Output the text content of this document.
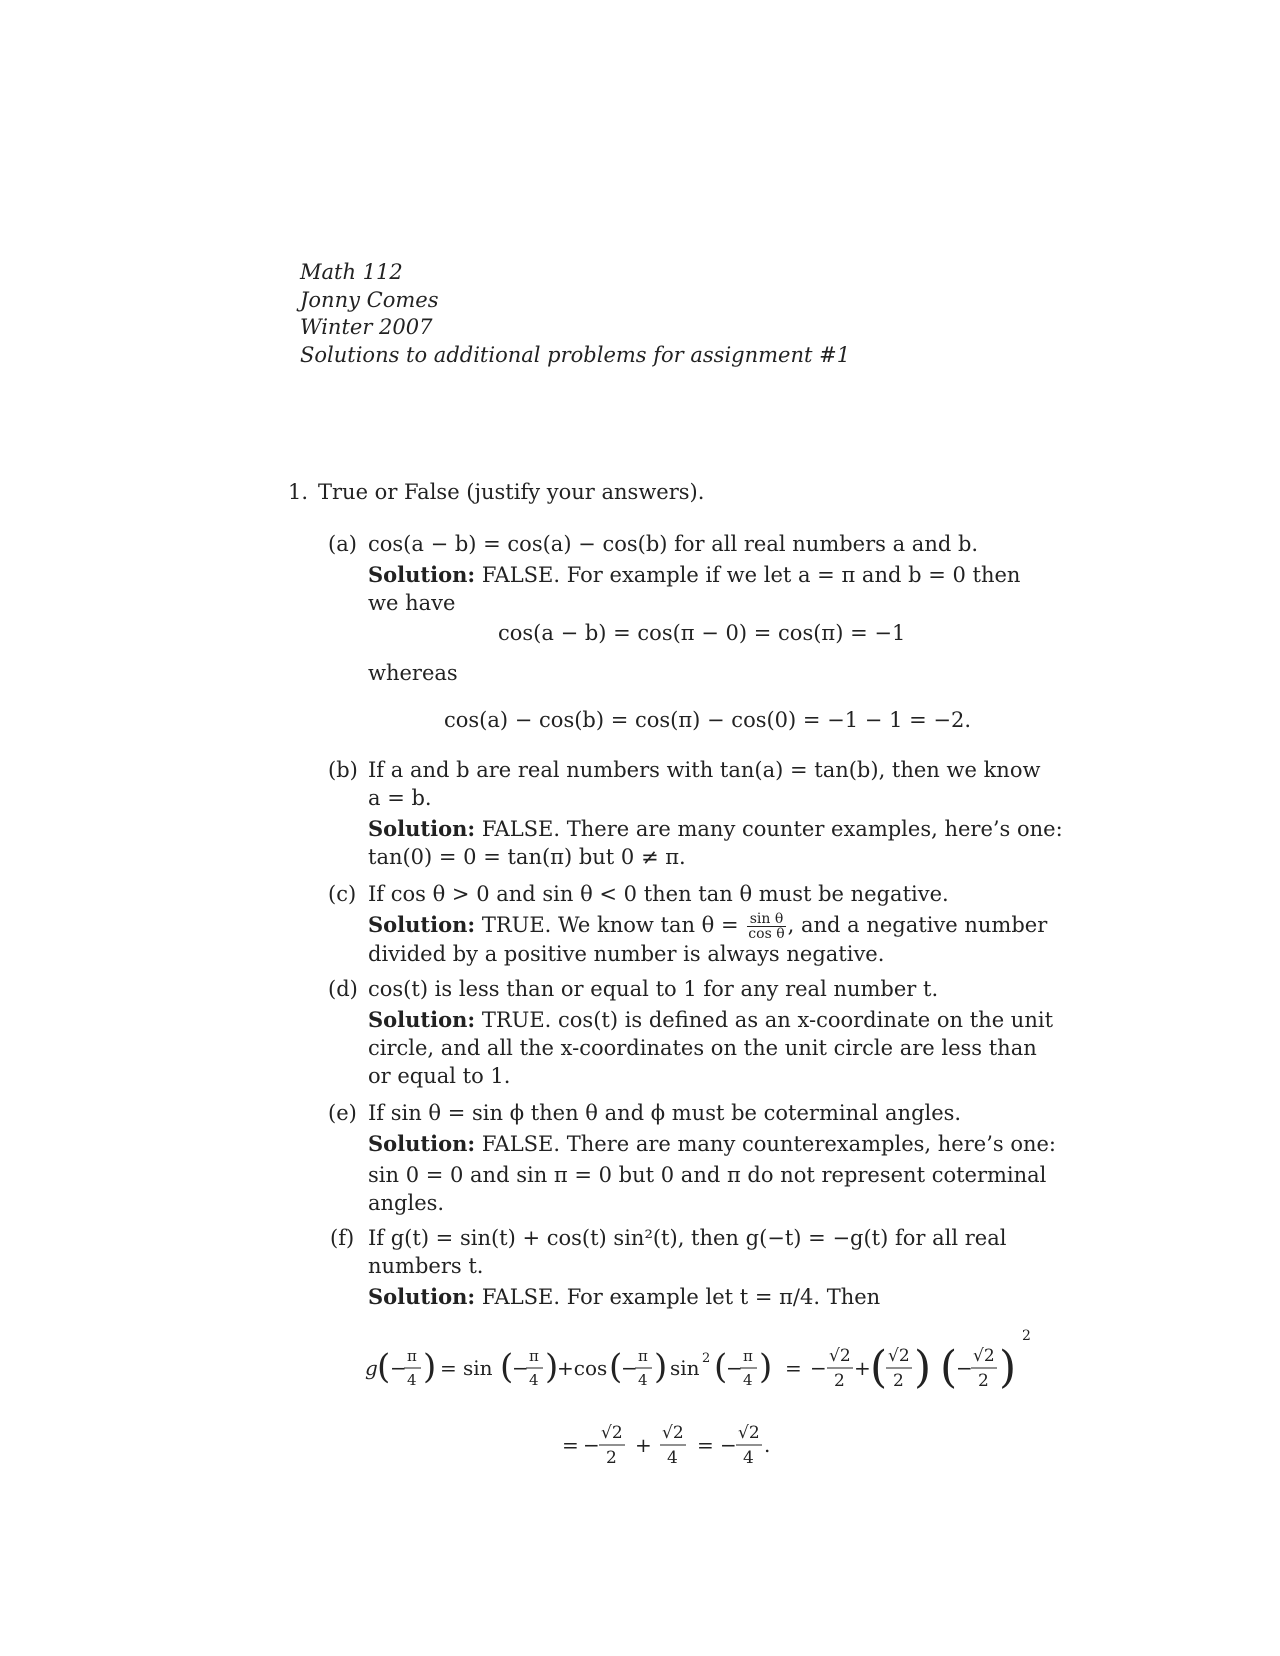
Math 112
Jonny Comes
Winter 2007
Solutions to additional problems for assignment #1
1. True or False (justify your answers).
(a) cos(a − b) = cos(a) − cos(b) for all real numbers a and b.
Solution: FALSE. For example if we let a = π and b = 0 then
we have
cos(a − b) = cos(π − 0) = cos(π) = −1
whereas
cos(a) − cos(b) = cos(π) − cos(0) = −1 − 1 = −2.
(b) If a and b are real numbers with tan(a) = tan(b), then we know
a = b.
Solution: FALSE. There are many counter examples, here’s one:
tan(0) = 0 = tan(π) but 0 ≠ π.
(c) If cos θ > 0 and sin θ < 0 then tan θ must be negative.
Solution: TRUE. We know $\tan \theta = \frac{\text{sin θ}}{\text{cos θ}}$ , and a negative number
divided by a positive number is always negative.
(d) cos(t) is less than or equal to 1 for any real number t.
Solution: TRUE. cos(t) is defined as an x-coordinate on the unit
circle, and all the x-coordinates on the unit circle are less than
or equal to 1.
(e) If sin θ = sin ϕ then θ and ϕ must be coterminal angles.
Solution: FALSE. There are many counterexamples, here’s one:
sin 0 = 0 and sin π = 0 but 0 and π do not represent coterminal
angles.
(f) If g(t) = sin(t) + cos(t) sin²(t), then g(−t) = −g(t) for all real
numbers t.
Solution: FALSE. For example let t = π/4. Then
g ( − π
4 ) = sin (
− π
4 )
+cos (
− π
4 ) sin 2 (
− π
4 ) = − √2
2
+ ( √2
2 ) (
− √2
2 )
2
= − √2
2
+ √2
4
= − √2
4
.
